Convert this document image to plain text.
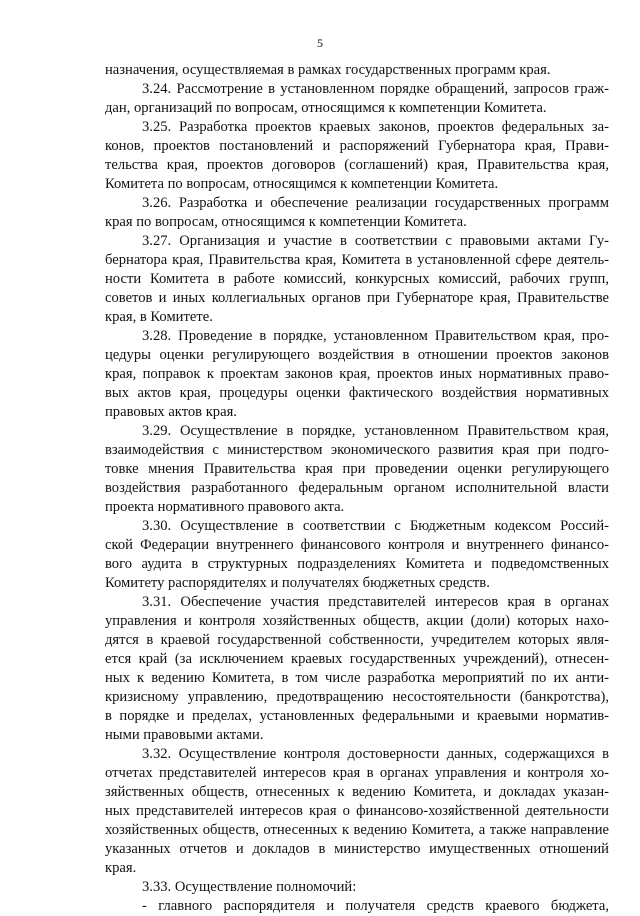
5
назначения, осуществляемая в рамках государственных программ края.
3.24. Рассмотрение в установленном порядке обращений, запросов граж-
дан, организаций по вопросам, относящимся к компетенции Комитета.
3.25. Разработка проектов краевых законов, проектов федеральных за-
конов, проектов постановлений и распоряжений Губернатора края, Прави-
тельства края, проектов договоров (соглашений) края, Правительства края,
Комитета по вопросам, относящимся к компетенции Комитета.
3.26. Разработка и обеспечение реализации государственных программ
края по вопросам, относящимся к компетенции Комитета.
3.27. Организация и участие в соответствии с правовыми актами Гу-
бернатора края, Правительства края, Комитета в установленной сфере деятель-
ности Комитета в работе комиссий, конкурсных комиссий, рабочих групп,
советов и иных коллегиальных органов при Губернаторе края, Правительстве
края, в Комитете.
3.28. Проведение в порядке, установленном Правительством края, про-
цедуры оценки регулирующего воздействия в отношении проектов законов
края, поправок к проектам законов края, проектов иных нормативных право-
вых актов края, процедуры оценки фактического воздействия нормативных
правовых актов края.
3.29. Осуществление в порядке, установленном Правительством края,
взаимодействия с министерством экономического развития края при подго-
товке мнения Правительства края при проведении оценки регулирующего
воздействия разработанного федеральным органом исполнительной власти
проекта нормативного правового акта.
3.30. Осуществление в соответствии с Бюджетным кодексом Россий-
ской Федерации внутреннего финансового контроля и внутреннего финансо-
вого аудита в структурных подразделениях Комитета и подведомственных
Комитету распорядителях и получателях бюджетных средств.
3.31. Обеспечение участия представителей интересов края в органах
управления и контроля хозяйственных обществ, акции (доли) которых нахо-
дятся в краевой государственной собственности, учредителем которых явля-
ется край (за исключением краевых государственных учреждений), отнесен-
ных к ведению Комитета, в том числе разработка мероприятий по их анти-
кризисному управлению, предотвращению несостоятельности (банкротства),
в порядке и пределах, установленных федеральными и краевыми норматив-
ными правовыми актами.
3.32. Осуществление контроля достоверности данных, содержащихся в
отчетах представителей интересов края в органах управления и контроля хо-
зяйственных обществ, отнесенных к ведению Комитета, и докладах указан-
ных представителей интересов края о финансово-хозяйственной деятельности
хозяйственных обществ, отнесенных к ведению Комитета, а также направление
указанных отчетов и докладов в министерство имущественных отношений
края.
3.33. Осуществление полномочий:
- главного распорядителя и получателя средств краевого бюджета,
